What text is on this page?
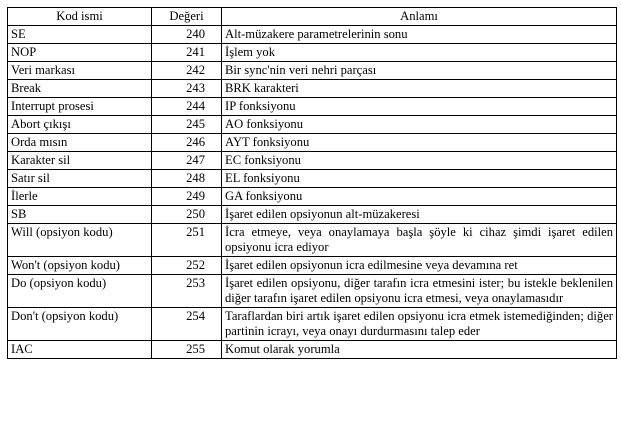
Kod ismi	Değeri	Anlamı
SE	240	Alt-müzakere parametrelerinin sonu
NOP	241	İşlem yok
Veri markası	242	Bir sync'nin veri nehri parçası
Break	243	BRK karakteri
Interrupt prosesi	244	IP fonksiyonu
Abort çıkışı	245	AO fonksiyonu
Orda mısın	246	AYT fonksiyonu
Karakter sil	247	EC fonksiyonu
Satır sil	248	EL fonksiyonu
İlerle	249	GA fonksiyonu
SB	250	İşaret edilen opsiyonun alt-müzakeresi
Will (opsiyon kodu)	251	İcra etmeye, veya onaylamaya başla şöyle ki cihaz şimdi işaret edilen opsiyonu icra ediyor
Won't (opsiyon kodu)	252	İşaret edilen opsiyonun icra edilmesine veya devamına ret
Do (opsiyon kodu)	253	İşaret edilen opsiyonu, diğer tarafın icra etmesini ister; bu istekle beklenilen diğer tarafın işaret edilen opsiyonu icra etmesi, veya onaylamasıdır
Don't (opsiyon kodu)	254	Taraflardan biri artık işaret edilen opsiyonu icra etmek istemediğinden; diğer partinin icrayı, veya onayı durdurmasını talep eder
IAC	255	Komut olarak yorumla
